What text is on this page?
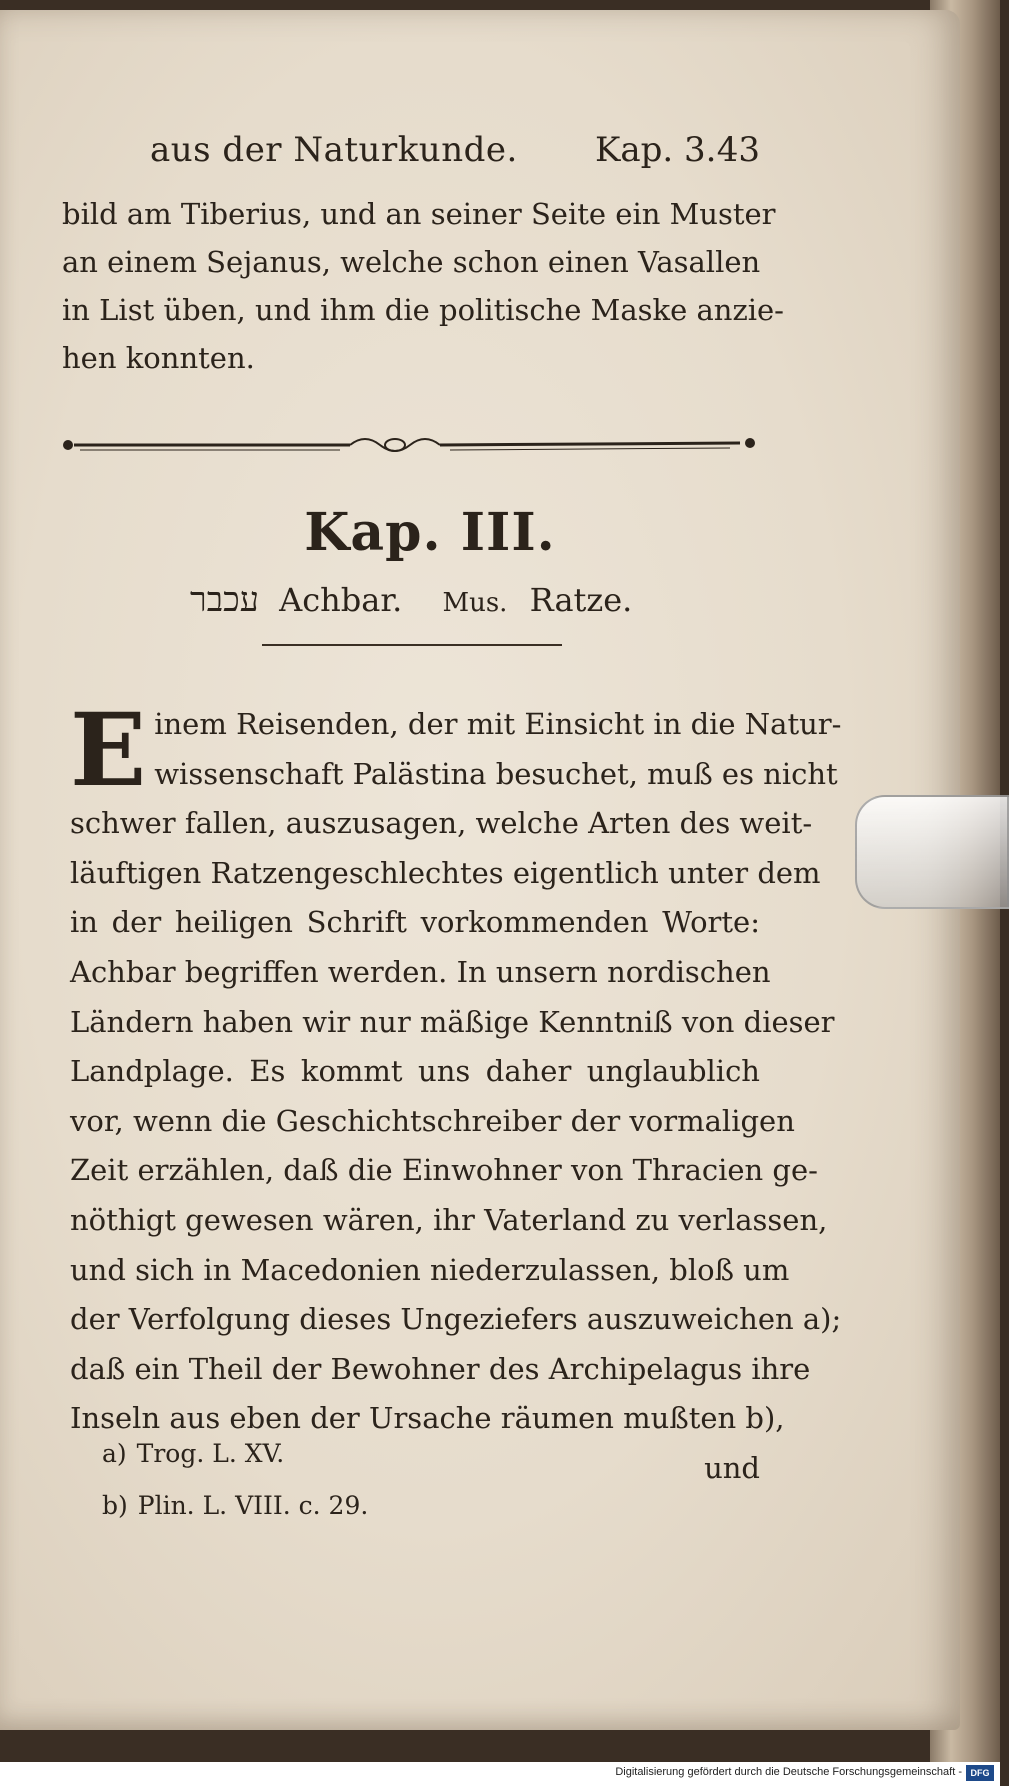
aus der Naturkunde. Kap. 3. 43
bild am Tiberius, und an seiner Seite ein Muster
an einem Sejanus, welche schon einen Vasallen
in List üben, und ihm die politische Maske anzie-
hen konnten.
Kap. III.
עכבר Achbar. Mus. Ratze.
E inem Reisenden, der mit Einsicht in die Natur-
wissenschaft Palästina besuchet, muß es nicht
schwer fallen, auszusagen, welche Arten des weit-
läuftigen Ratzengeschlechtes eigentlich unter dem
in der heiligen Schrift vorkommenden Worte:
Achbar begriffen werden. In unsern nordischen
Ländern haben wir nur mäßige Kenntniß von dieser
Landplage. Es kommt uns daher unglaublich
vor, wenn die Geschichtschreiber der vormaligen
Zeit erzählen, daß die Einwohner von Thracien ge-
nöthigt gewesen wären, ihr Vaterland zu verlassen,
und sich in Macedonien niederzulassen, bloß um
der Verfolgung dieses Ungeziefers auszuweichen a);
daß ein Theil der Bewohner des Archipelagus ihre
Inseln aus eben der Ursache räumen mußten b),
und
a) Trog. L. XV.
b) Plin. L. VIII. c. 29.
Digitalisierung gefördert durch die Deutsche Forschungsgemeinschaft - DFG
